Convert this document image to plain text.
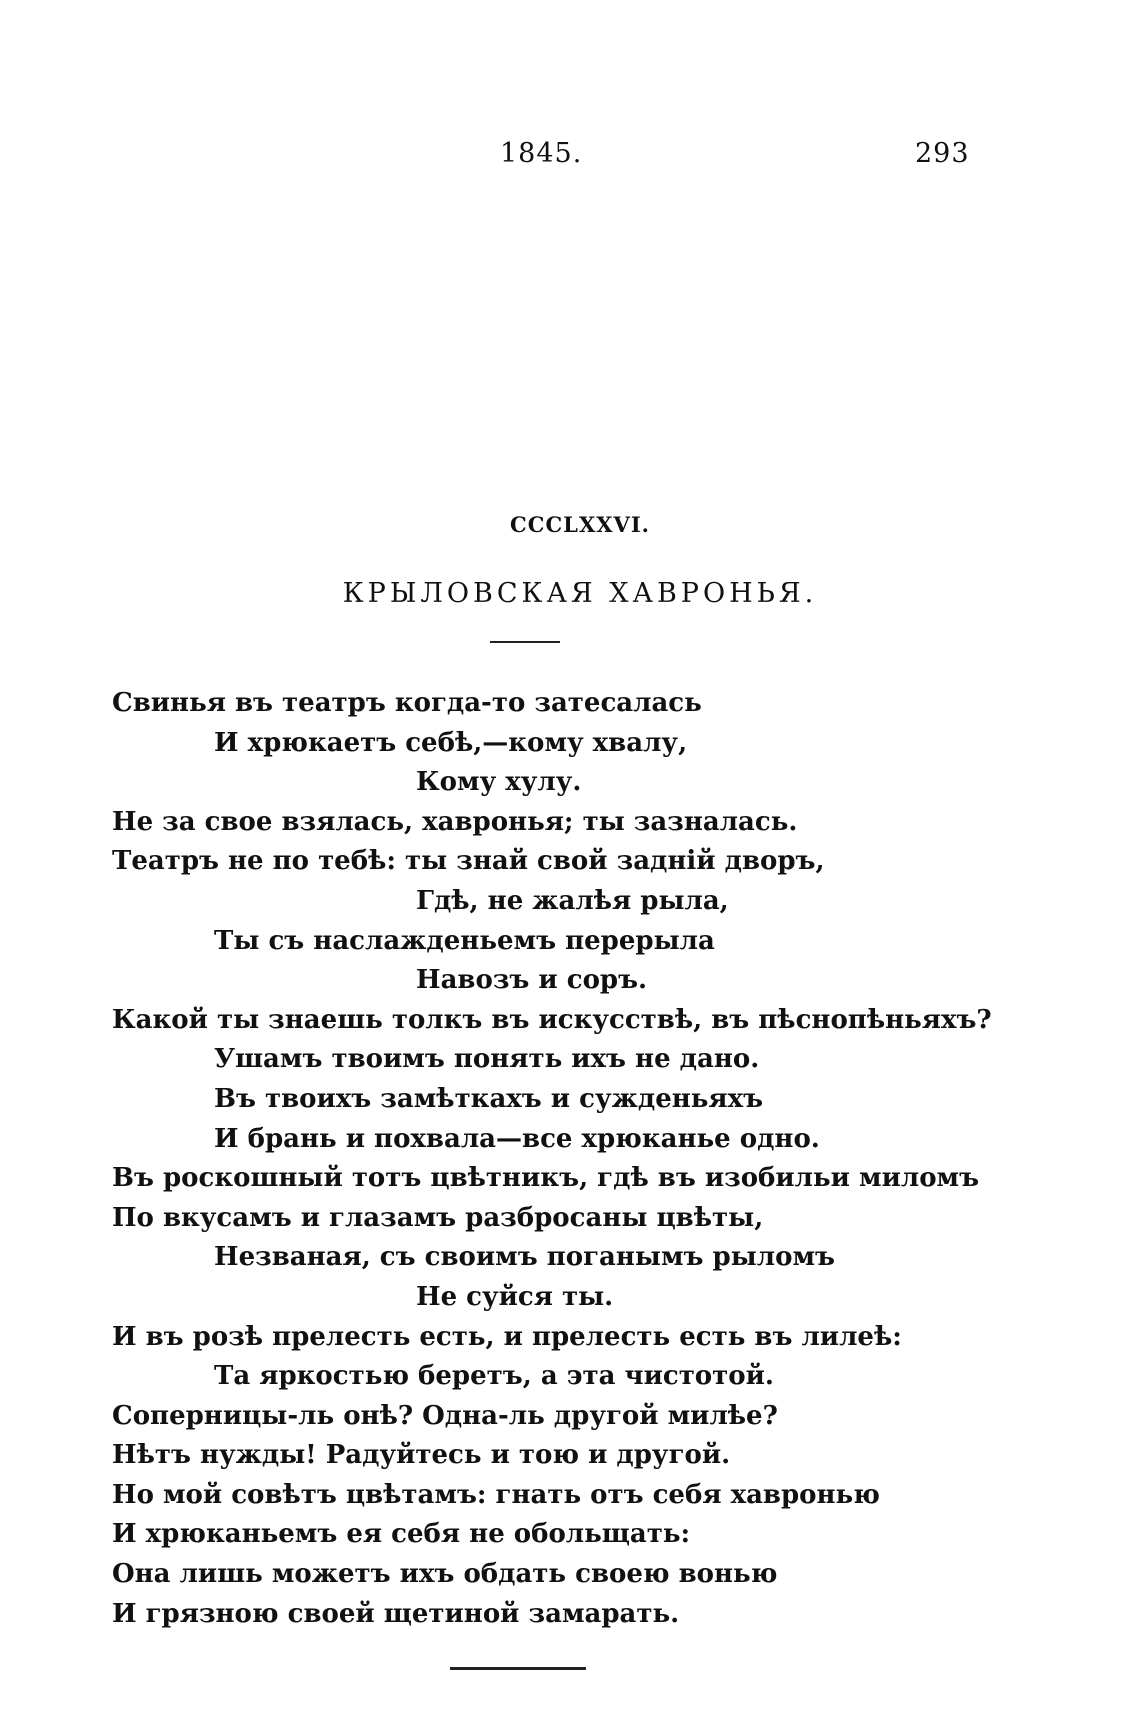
1845.	293
CCCLXXVI.
КРЫЛОВСКАЯ ХАВРОНЬЯ.
Свинья въ театръ когда-то затесалась
И хрюкаетъ себѣ,—кому хвалу,
Кому хулу.
Не за свое взялась, хавронья; ты зазналась.
Театръ не по тебѣ: ты знай свой заднiй дворъ,
Гдѣ, не жалѣя рыла,
Ты съ наслажденьемъ перерыла
Навозъ и соръ.
Какой ты знаешь толкъ въ искусствѣ, въ пѣснопѣньяхъ?
Ушамъ твоимъ понять ихъ не дано.
Въ твоихъ замѣткахъ и сужденьяхъ
И брань и похвала—все хрюканье одно.
Въ роскошный тотъ цвѣтникъ, гдѣ въ изобильи миломъ
По вкусамъ и глазамъ разбросаны цвѣты,
Незваная, съ своимъ поганымъ рыломъ
Не суйся ты.
И въ розѣ прелесть есть, и прелесть есть въ лилеѣ:
Та яркостью беретъ, а эта чистотой.
Соперницы-ль онѣ? Одна-ль другой милѣе?
Нѣтъ нужды! Радуйтесь и тою и другой.
Но мой совѣтъ цвѣтамъ: гнать отъ себя хавронью
И хрюканьемъ ея себя не обольщать:
Она лишь можетъ ихъ обдать своею вонью
И грязною своей щетиной замарать.
